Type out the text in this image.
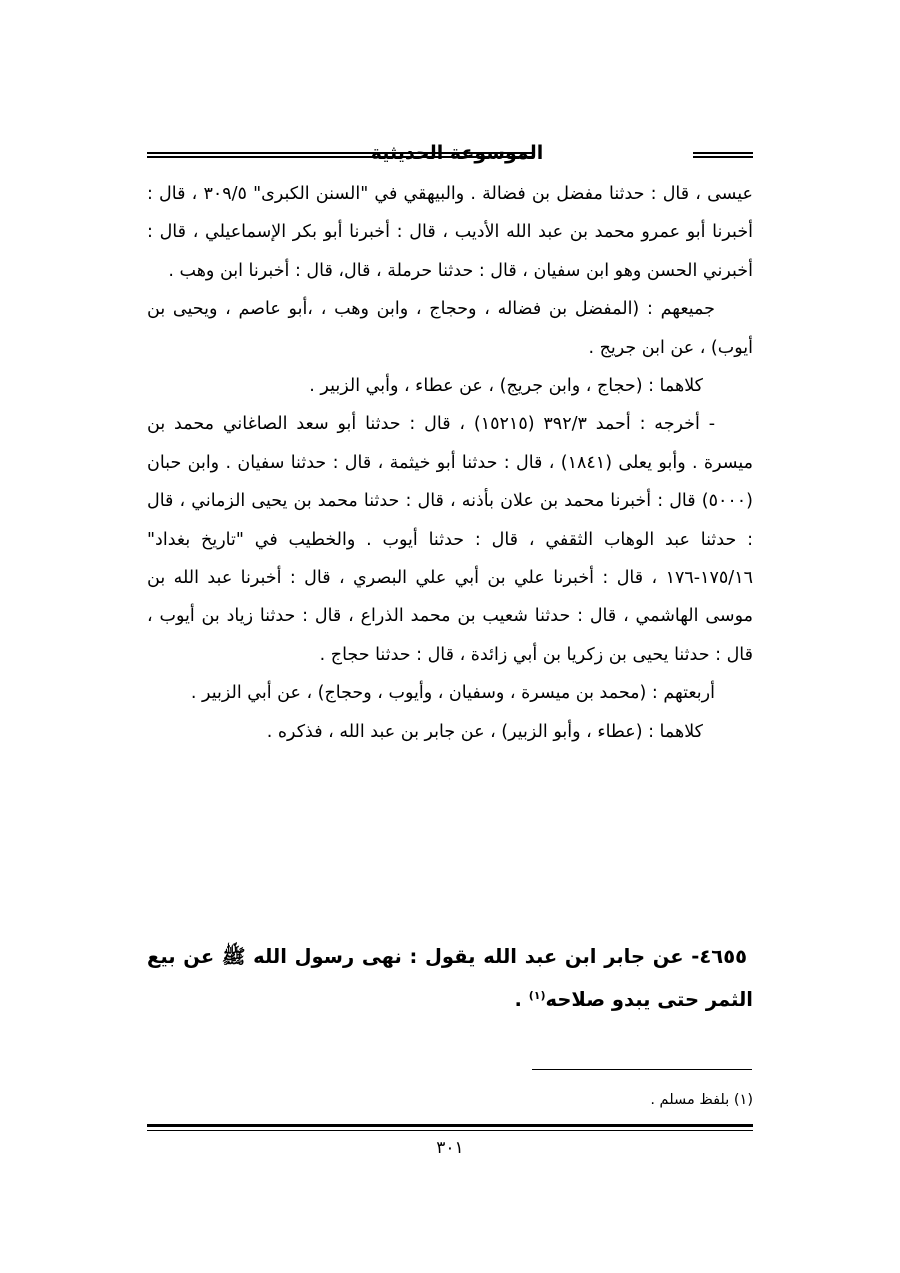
الموسوعة الحديثية

عيسى ، قال : حدثنا مفضل بن فضالة . والبيهقي في "السنن الكبرى" ٣٠٩/٥ ، قال : أخبرنا أبو عمرو محمد بن عبد الله الأديب ، قال : أخبرنا أبو بكر الإسماعيلي ، قال : أخبرني الحسن وهو ابن سفيان ، قال : حدثنا حرملة ، قال، قال : أخبرنا ابن وهب .

جميعهم : (المفضل بن فضاله ، وحجاج ، وابن وهب ، ،أبو عاصم ، ويحيى بن أيوب) ، عن ابن جريج .

كلاهما : (حجاج ، وابن جريج) ، عن عطاء ، وأبي الزبير .

- أخرجه : أحمد ٣٩٢/٣ (١٥٢١٥) ، قال : حدثنا أبو سعد الصاغاني محمد بن ميسرة . وأبو يعلى (١٨٤١) ، قال : حدثنا أبو خيثمة ، قال : حدثنا سفيان . وابن حبان (٥٠٠٠) قال : أخبرنا محمد بن علان بأذنه ، قال : حدثنا محمد بن يحيى الزماني ، قال : حدثنا عبد الوهاب الثقفي ، قال : حدثنا أيوب . والخطيب في "تاريخ بغداد" ١٧٥/١٦-١٧٦ ، قال : أخبرنا علي بن أبي علي البصري ، قال : أخبرنا عبد الله بن موسى الهاشمي ، قال : حدثنا شعيب بن محمد الذراع ، قال : حدثنا زياد بن أيوب ، قال : حدثنا يحيى بن زكريا بن أبي زائدة ، قال : حدثنا حجاج .

أربعتهم : (محمد بن ميسرة ، وسفيان ، وأيوب ، وحجاج) ، عن أبي الزبير .

كلاهما : (عطاء ، وأبو الزبير) ، عن جابر بن عبد الله ، فذكره .

٤٦٥٥- عن جابر ابن عبد الله يقول : نهى رسول الله ﷺ عن بيع الثمر حتى يبدو صلاحه$^{(١)}$ .

(١) بلفظ مسلم .
٣٠١
